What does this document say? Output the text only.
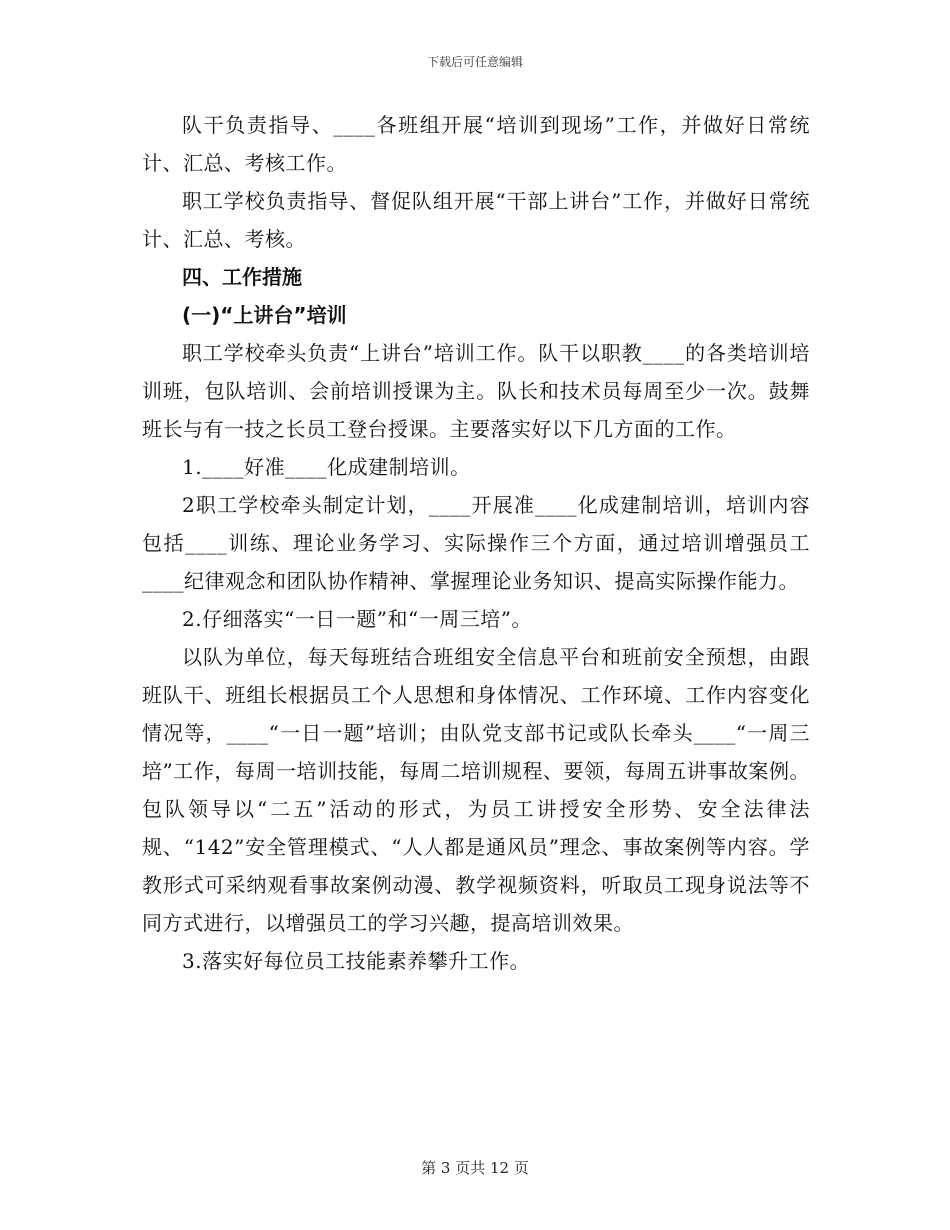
下载后可任意编辑

队干负责指导、____各班组开展“培训到现场”工作，并做好日常统计、汇总、考核工作。

职工学校负责指导、督促队组开展“干部上讲台”工作，并做好日常统计、汇总、考核。

四、工作措施

(一)“上讲台”培训

职工学校牵头负责“上讲台”培训工作。队干以职教____的各类培训培训班，包队培训、会前培训授课为主。队长和技术员每周至少一次。鼓舞班长与有一技之长员工登台授课。主要落实好以下几方面的工作。

1.____好准____化成建制培训。

2职工学校牵头制定计划，____开展准____化成建制培训，培训内容包括____训练、理论业务学习、实际操作三个方面，通过培训增强员工____纪律观念和团队协作精神、掌握理论业务知识、提高实际操作能力。

2.仔细落实“一日一题”和“一周三培”。

以队为单位，每天每班结合班组安全信息平台和班前安全预想，由跟班队干、班组长根据员工个人思想和身体情况、工作环境、工作内容变化情况等，____“一日一题”培训；由队党支部书记或队长牵头____“一周三培”工作，每周一培训技能，每周二培训规程、要领，每周五讲事故案例。包队领导以“二五”活动的形式，为员工讲授安全形势、安全法律法规、“142”安全管理模式、“人人都是通风员”理念、事故案例等内容。学教形式可采纳观看事故案例动漫、教学视频资料，听取员工现身说法等不同方式进行，以增强员工的学习兴趣，提高培训效果。

3.落实好每位员工技能素养攀升工作。

第 3 页共 12 页
